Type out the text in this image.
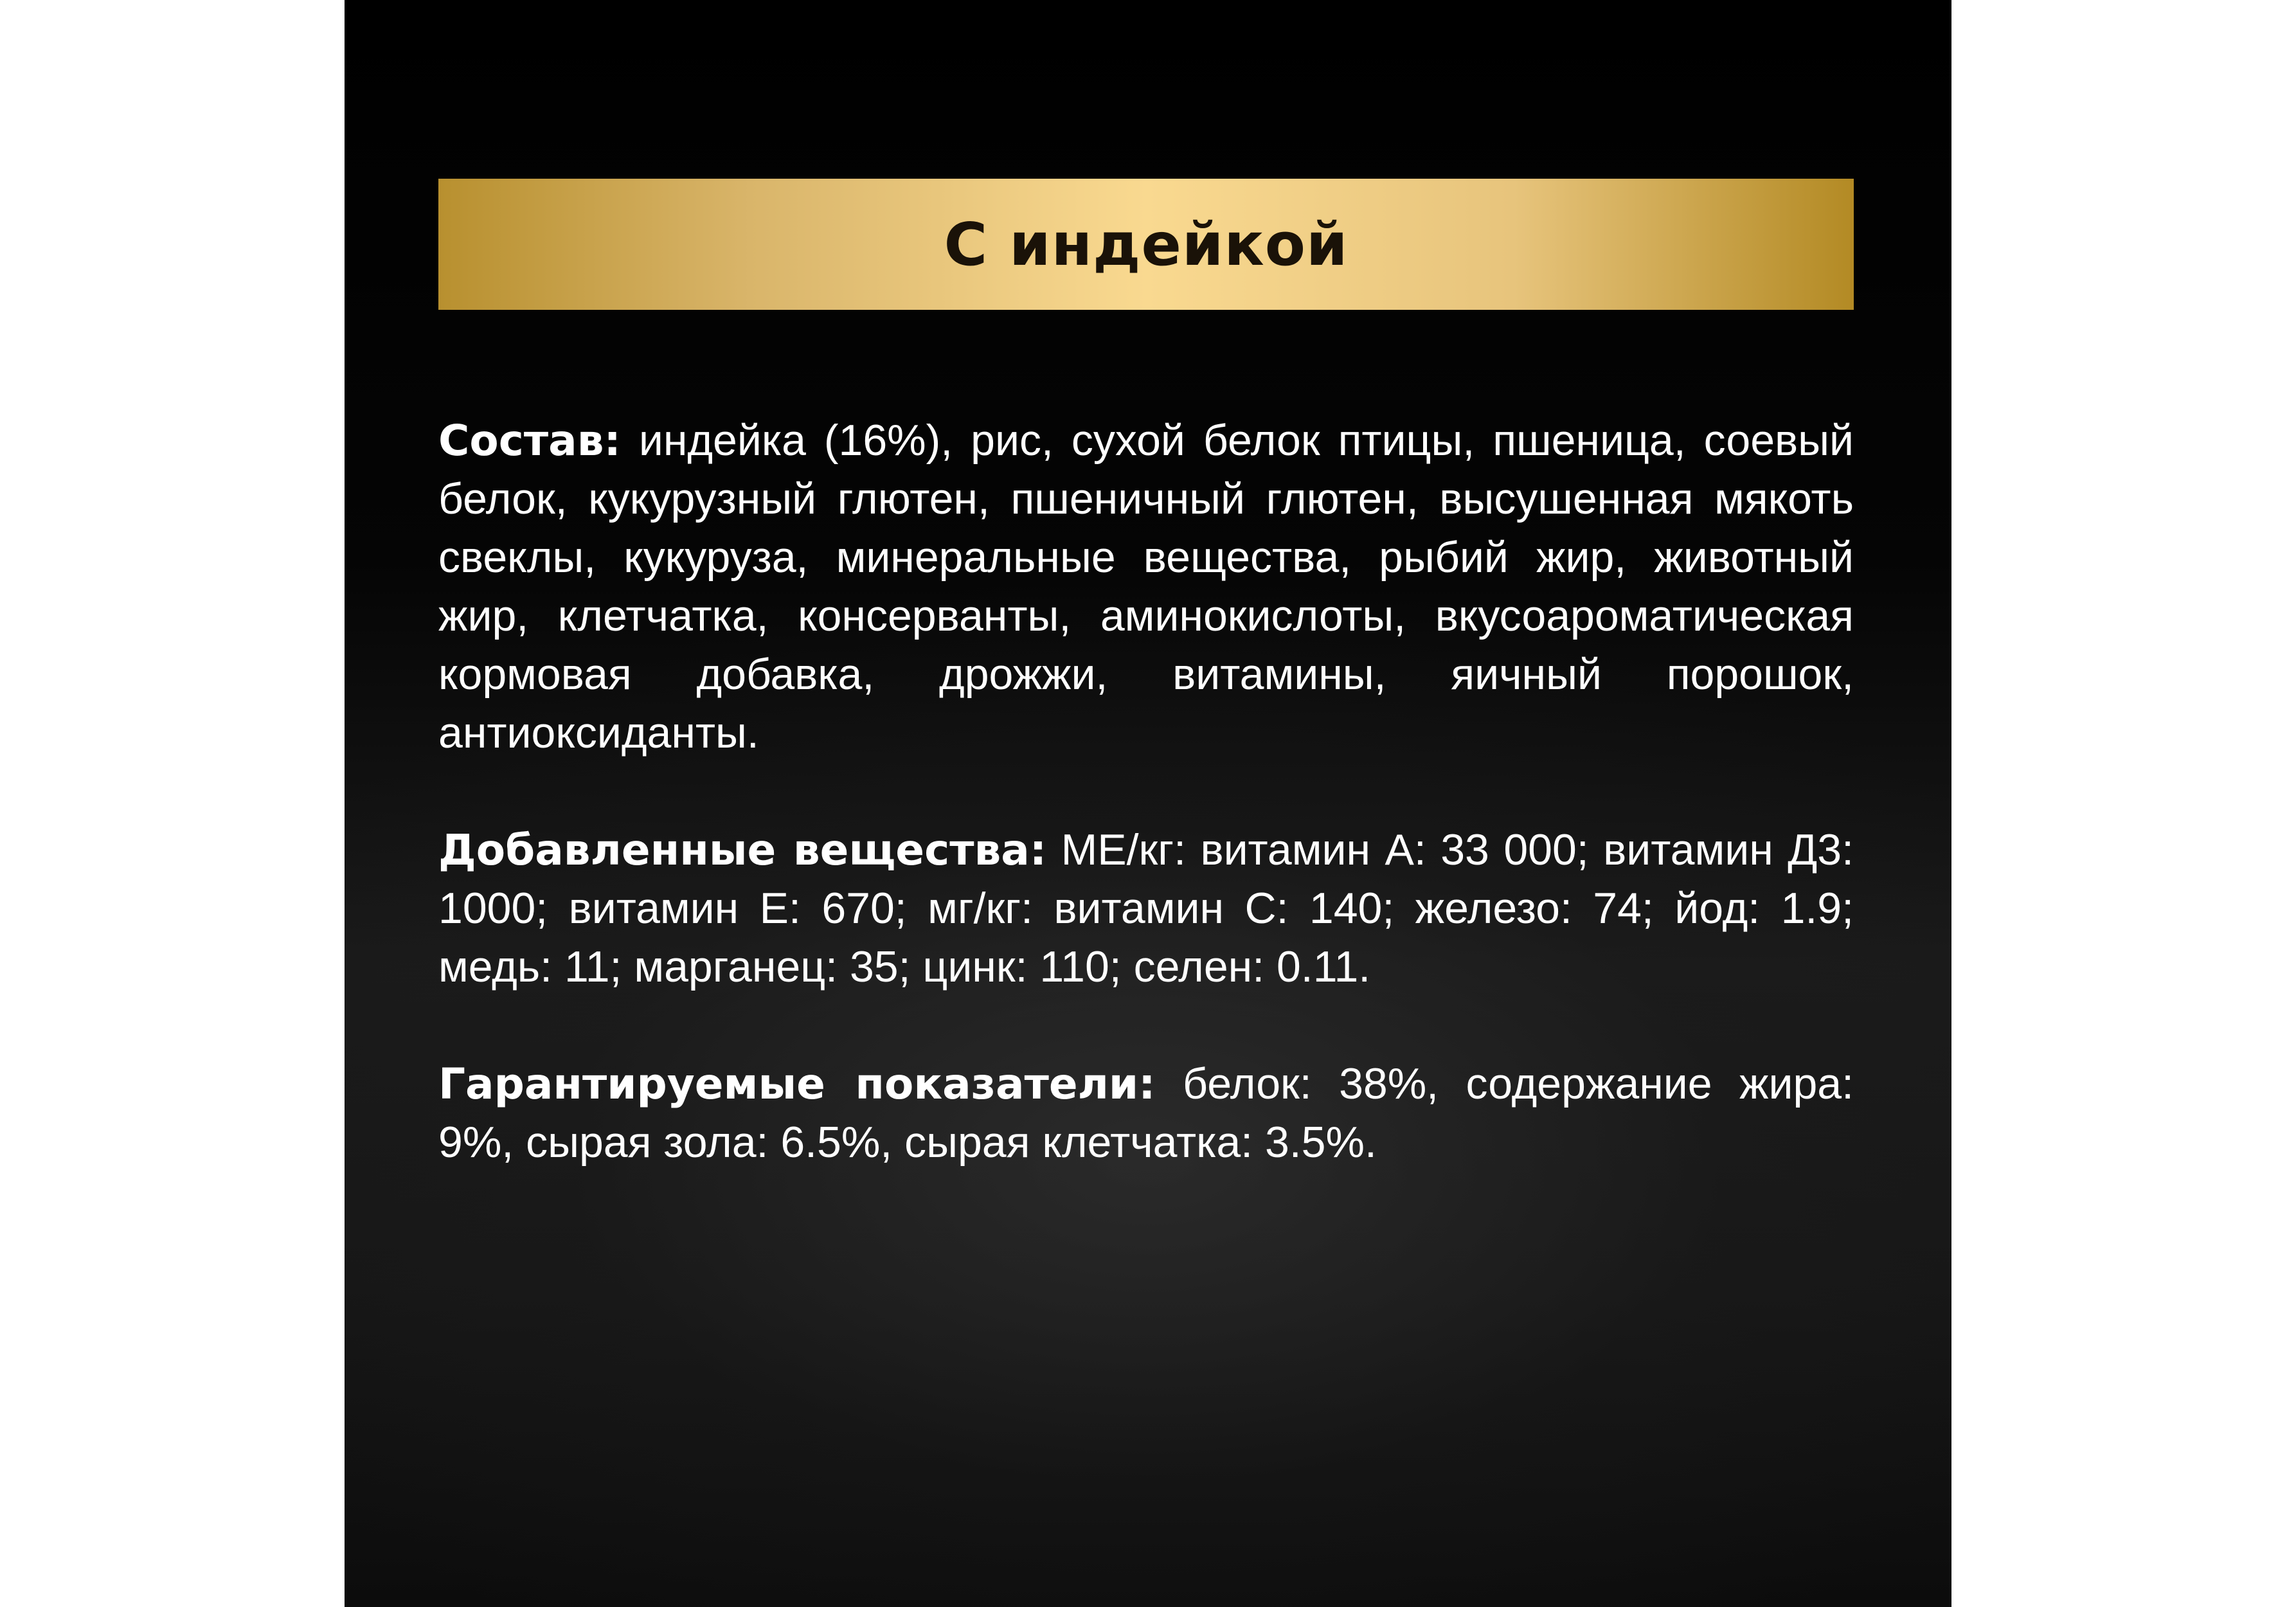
С индейкой

Состав: индейка (16%), рис, сухой белок птицы, пшеница, соевый белок, кукурузный глютен, пшеничный глютен, высушенная мякоть свеклы, кукуруза, минеральные вещества, рыбий жир, животный жир, клетчатка, консерванты, аминокислоты, вкусоароматическая кормовая добавка, дрожжи, витамины, яичный порошок, антиоксиданты.

Добавленные вещества: МЕ/кг: витамин А: 33 000; витамин Д3: 1000; витамин Е: 670; мг/кг: витамин С: 140; железо: 74; йод: 1.9; медь: 11; марганец: 35; цинк: 110; селен: 0.11.

Гарантируемые показатели: белок: 38%, содержание жира: 9%, сырая зола: 6.5%, сырая клетчатка: 3.5%.
